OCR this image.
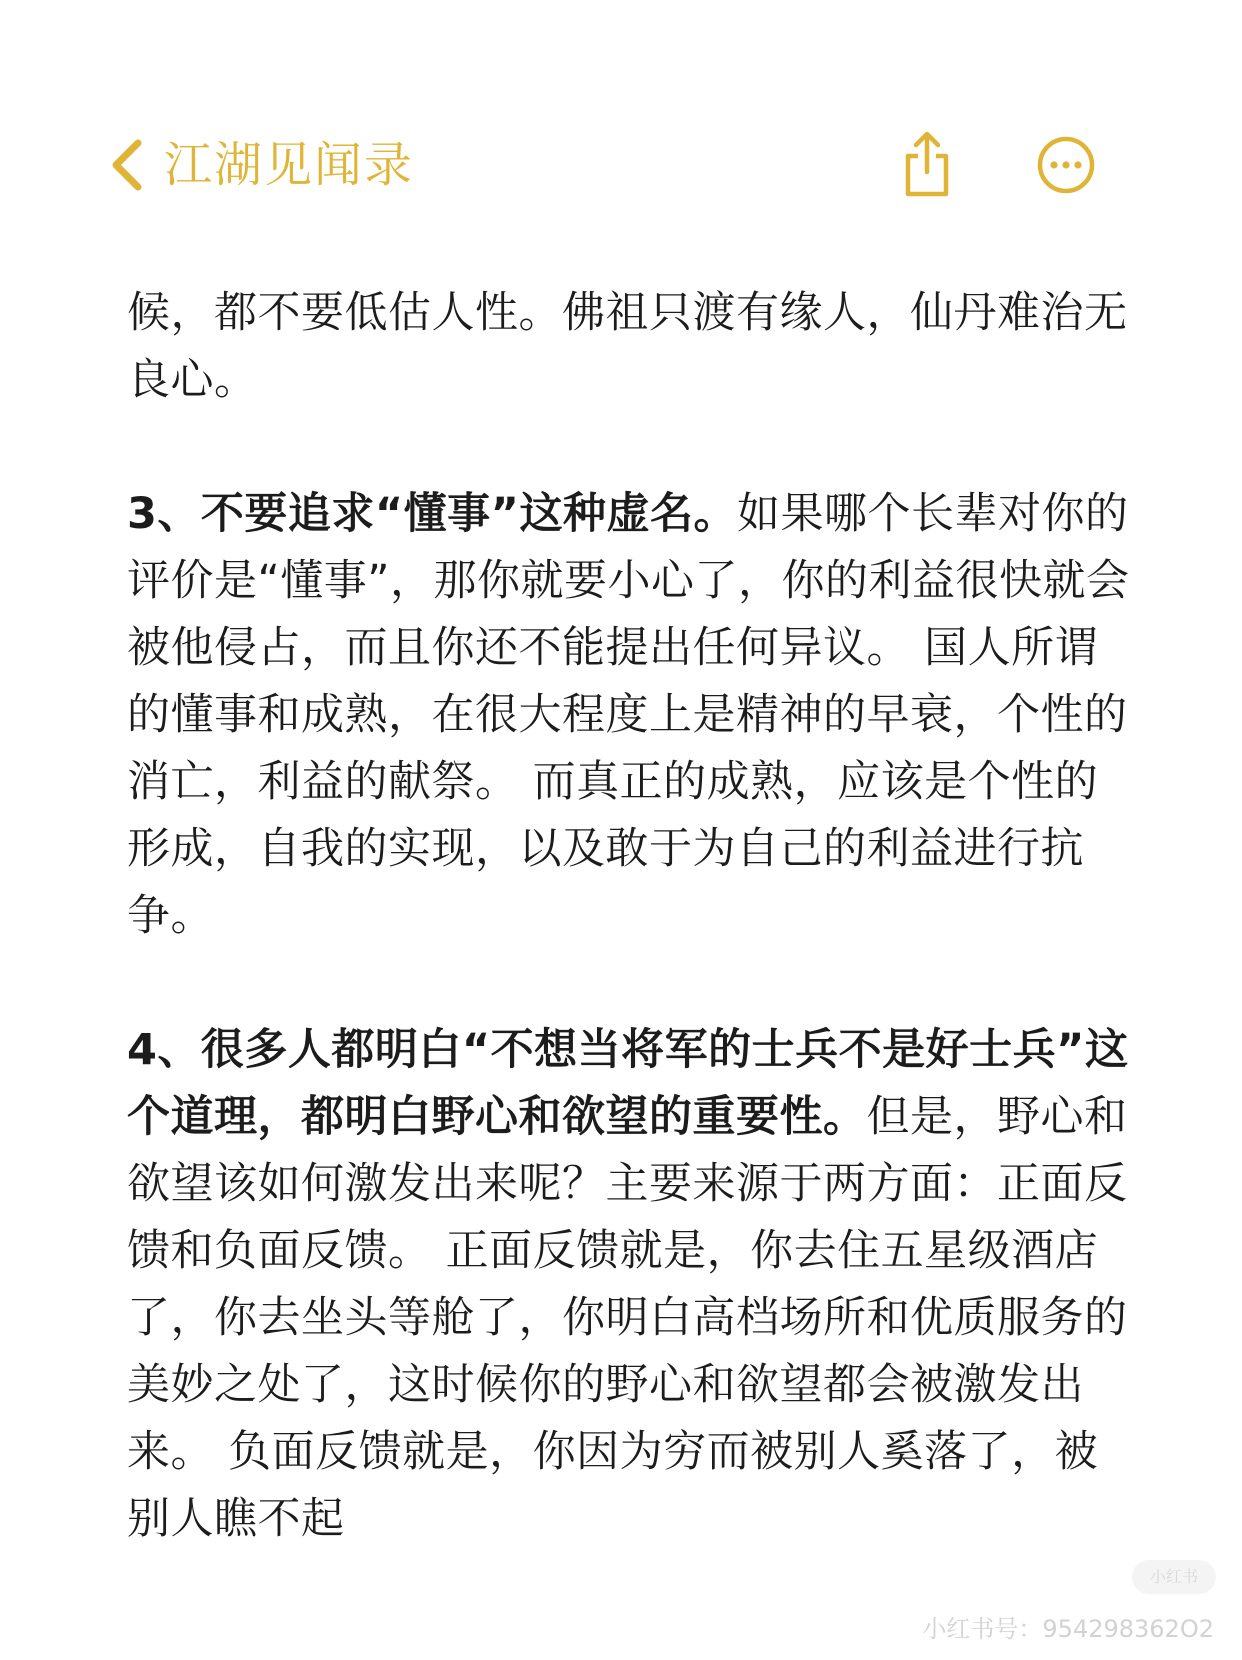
江湖见闻录

候，都不要低估人性。佛祖只渡有缘人，仙丹难治无良心。

3、不要追求“懂事”这种虚名。如果哪个长辈对你的评价是“懂事”，那你就要小心了，你的利益很快就会被他侵占，而且你还不能提出任何异议。 国人所谓的懂事和成熟，在很大程度上是精神的早衰，个性的消亡，利益的献祭。 而真正的成熟，应该是个性的形成，自我的实现，以及敢于为自己的利益进行抗争。

4、很多人都明白“不想当将军的士兵不是好士兵”这个道理，都明白野心和欲望的重要性。但是，野心和欲望该如何激发出来呢？主要来源于两方面：正面反馈和负面反馈。 正面反馈就是，你去住五星级酒店了，你去坐头等舱了，你明白高档场所和优质服务的美妙之处了，这时候你的野心和欲望都会被激发出来。 负面反馈就是，你因为穷而被别人奚落了，被别人瞧不起

小红书
小红书号：954298362O2
